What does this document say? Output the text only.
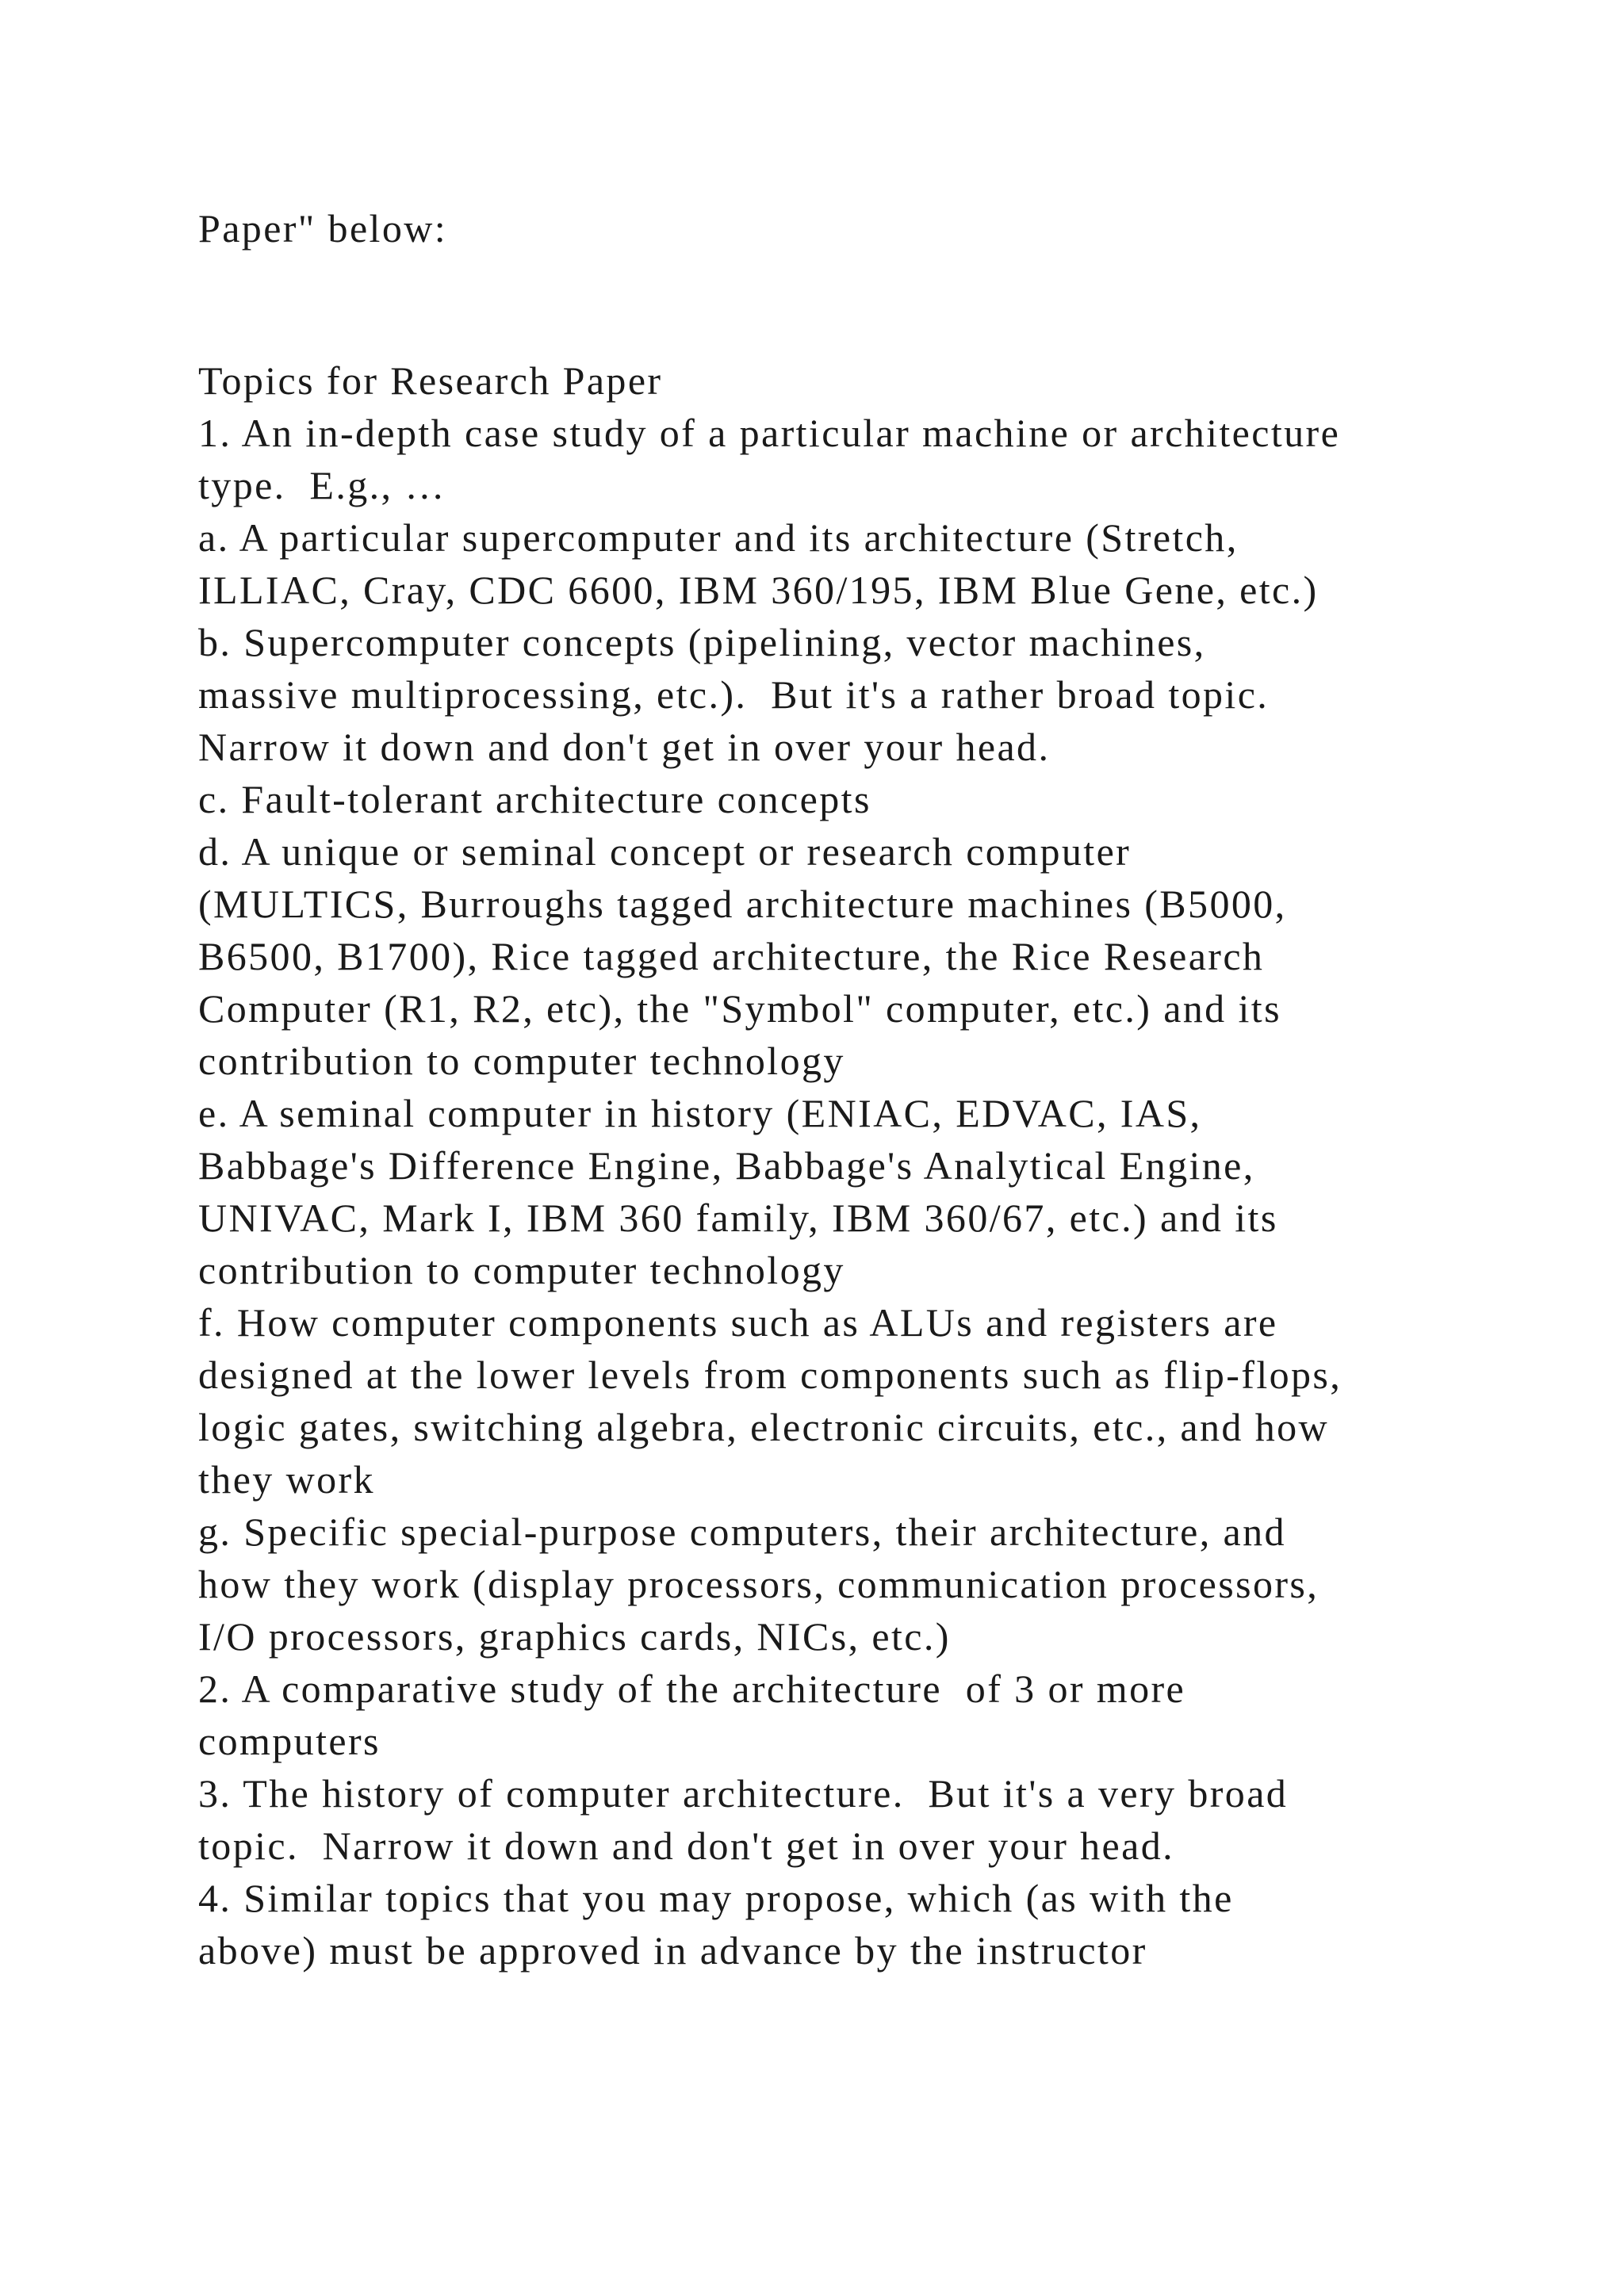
Paper" below:
Topics for Research Paper
1. An in-depth case study of a particular machine or architecture
type.  E.g., …
a. A particular supercomputer and its architecture (Stretch,
ILLIAC, Cray, CDC 6600, IBM 360/195, IBM Blue Gene, etc.)
b. Supercomputer concepts (pipelining, vector machines,
massive multiprocessing, etc.).  But it's a rather broad topic.
Narrow it down and don't get in over your head.
c. Fault-tolerant architecture concepts
d. A unique or seminal concept or research computer
(MULTICS, Burroughs tagged architecture machines (B5000,
B6500, B1700), Rice tagged architecture, the Rice Research
Computer (R1, R2, etc), the "Symbol" computer, etc.) and its
contribution to computer technology
e. A seminal computer in history (ENIAC, EDVAC, IAS,
Babbage's Difference Engine, Babbage's Analytical Engine,
UNIVAC, Mark I, IBM 360 family, IBM 360/67, etc.) and its
contribution to computer technology
f. How computer components such as ALUs and registers are
designed at the lower levels from components such as flip-flops,
logic gates, switching algebra, electronic circuits, etc., and how
they work
g. Specific special-purpose computers, their architecture, and
how they work (display processors, communication processors,
I/O processors, graphics cards, NICs, etc.)
2. A comparative study of the architecture  of 3 or more
computers
3. The history of computer architecture.  But it's a very broad
topic.  Narrow it down and don't get in over your head.
4. Similar topics that you may propose, which (as with the
above) must be approved in advance by the instructor
